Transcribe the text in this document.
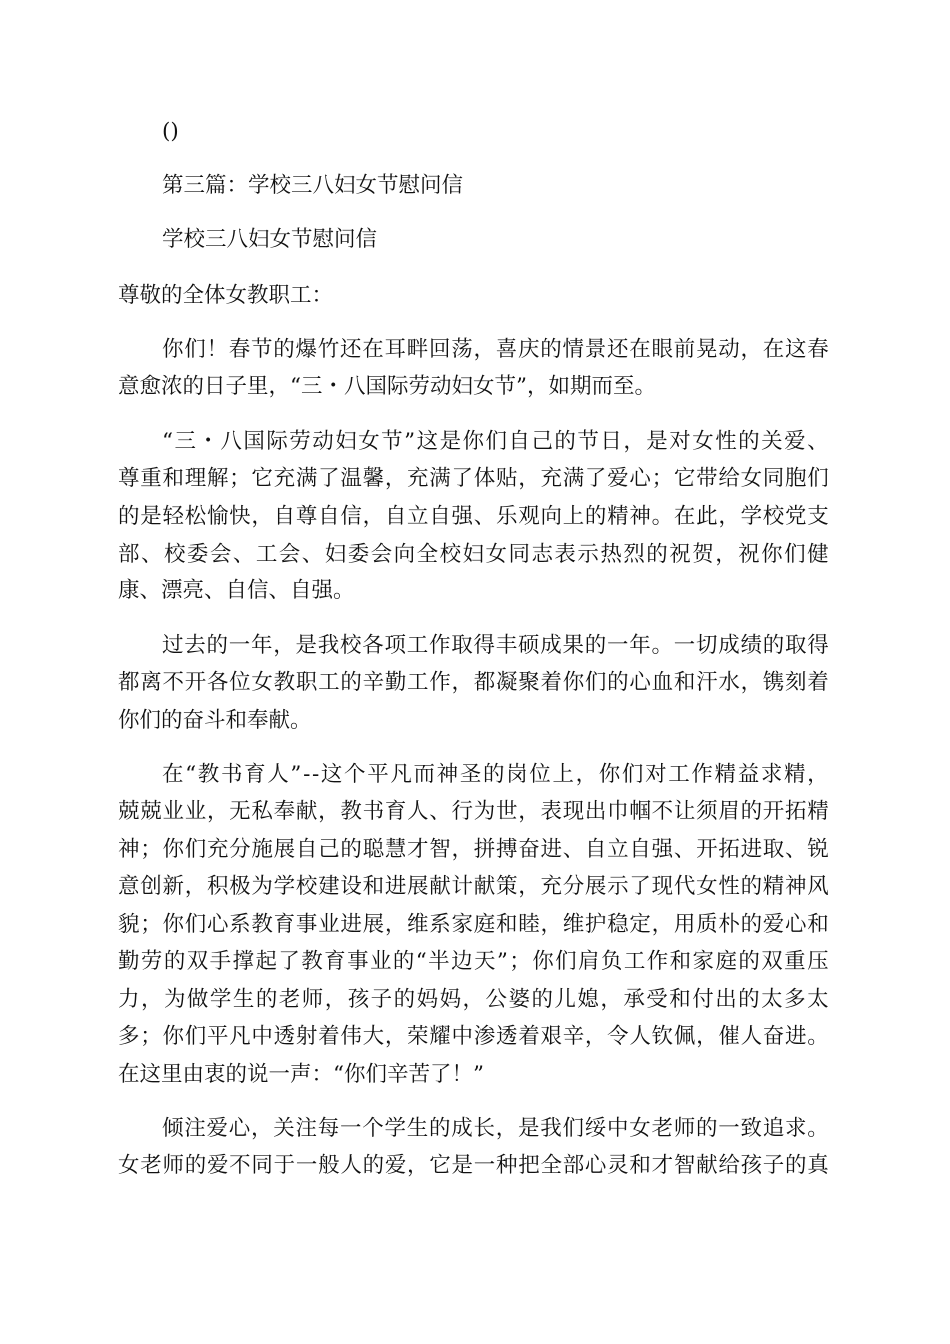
()
第三篇：学校三八妇女节慰问信
学校三八妇女节慰问信
尊敬的全体女教职工：
你 们 ！ 春 节 的 爆 竹 还 在 耳 畔 回 荡 ， 喜 庆 的 情 景 还 在 眼 前 晃 动 ， 在 这 春
意愈浓的日子里，“三・八国际劳动妇女节”，如期而至。
“ 三 ・ 八 国 际 劳 动 妇 女 节 ” 这 是 你 们 自 己 的 节 日 ， 是 对 女 性 的 关 爱 、
尊 重 和 理 解 ； 它 充 满 了 温 馨 ， 充 满 了 体 贴 ， 充 满 了 爱 心 ； 它 带 给 女 同 胞 们
的 是 轻 松 愉 快 ， 自 尊 自 信 ， 自 立 自 强 、 乐 观 向 上 的 精 神 。 在 此 ， 学 校 党 支
部 、 校 委 会 、 工 会 、 妇 委 会 向 全 校 妇 女 同 志 表 示 热 烈 的 祝 贺 ， 祝 你 们 健
康、漂亮、自信、自强。
过 去 的 一 年 ， 是 我 校 各 项 工 作 取 得 丰 硕 成 果 的 一 年 。 一 切 成 绩 的 取 得
都 离 不 开 各 位 女 教 职 工 的 辛 勤 工 作 ， 都 凝 聚 着 你 们 的 心 血 和 汗 水 ， 镌 刻 着
你们的奋斗和奉献。
在 “ 教 书 育 人 ” - - 这 个 平 凡 而 神 圣 的 岗 位 上 ， 你 们 对 工 作 精 益 求 精 ，
兢 兢 业 业 ， 无 私 奉 献 ， 教 书 育 人 、 行 为 世 ， 表 现 出 巾 帼 不 让 须 眉 的 开 拓 精
神 ； 你 们 充 分 施 展 自 己 的 聪 慧 才 智 ， 拼 搏 奋 进 、 自 立 自 强 、 开 拓 进 取 、 锐
意 创 新 ， 积 极 为 学 校 建 设 和 进 展 献 计 献 策 ， 充 分 展 示 了 现 代 女 性 的 精 神 风
貌 ； 你 们 心 系 教 育 事 业 进 展 ， 维 系 家 庭 和 睦 ， 维 护 稳 定 ， 用 质 朴 的 爱 心 和
勤 劳 的 双 手 撑 起 了 教 育 事 业 的 “ 半 边 天 ” ； 你 们 肩 负 工 作 和 家 庭 的 双 重 压
力 ， 为 做 学 生 的 老 师 ， 孩 子 的 妈 妈 ， 公 婆 的 儿 媳 ， 承 受 和 付 出 的 太 多 太
多 ； 你 们 平 凡 中 透 射 着 伟 大 ， 荣 耀 中 渗 透 着 艰 辛 ， 令 人 钦 佩 ， 催 人 奋 进 。
在这里由衷的说一声：“你们辛苦了！”
倾 注 爱 心 ， 关 注 每 一 个 学 生 的 成 长 ， 是 我 们 绥 中 女 老 师 的 一 致 追 求 。
女 老 师 的 爱 不 同 于 一 般 人 的 爱 ， 它 是 一 种 把 全 部 心 灵 和 才 智 献 给 孩 子 的 真
